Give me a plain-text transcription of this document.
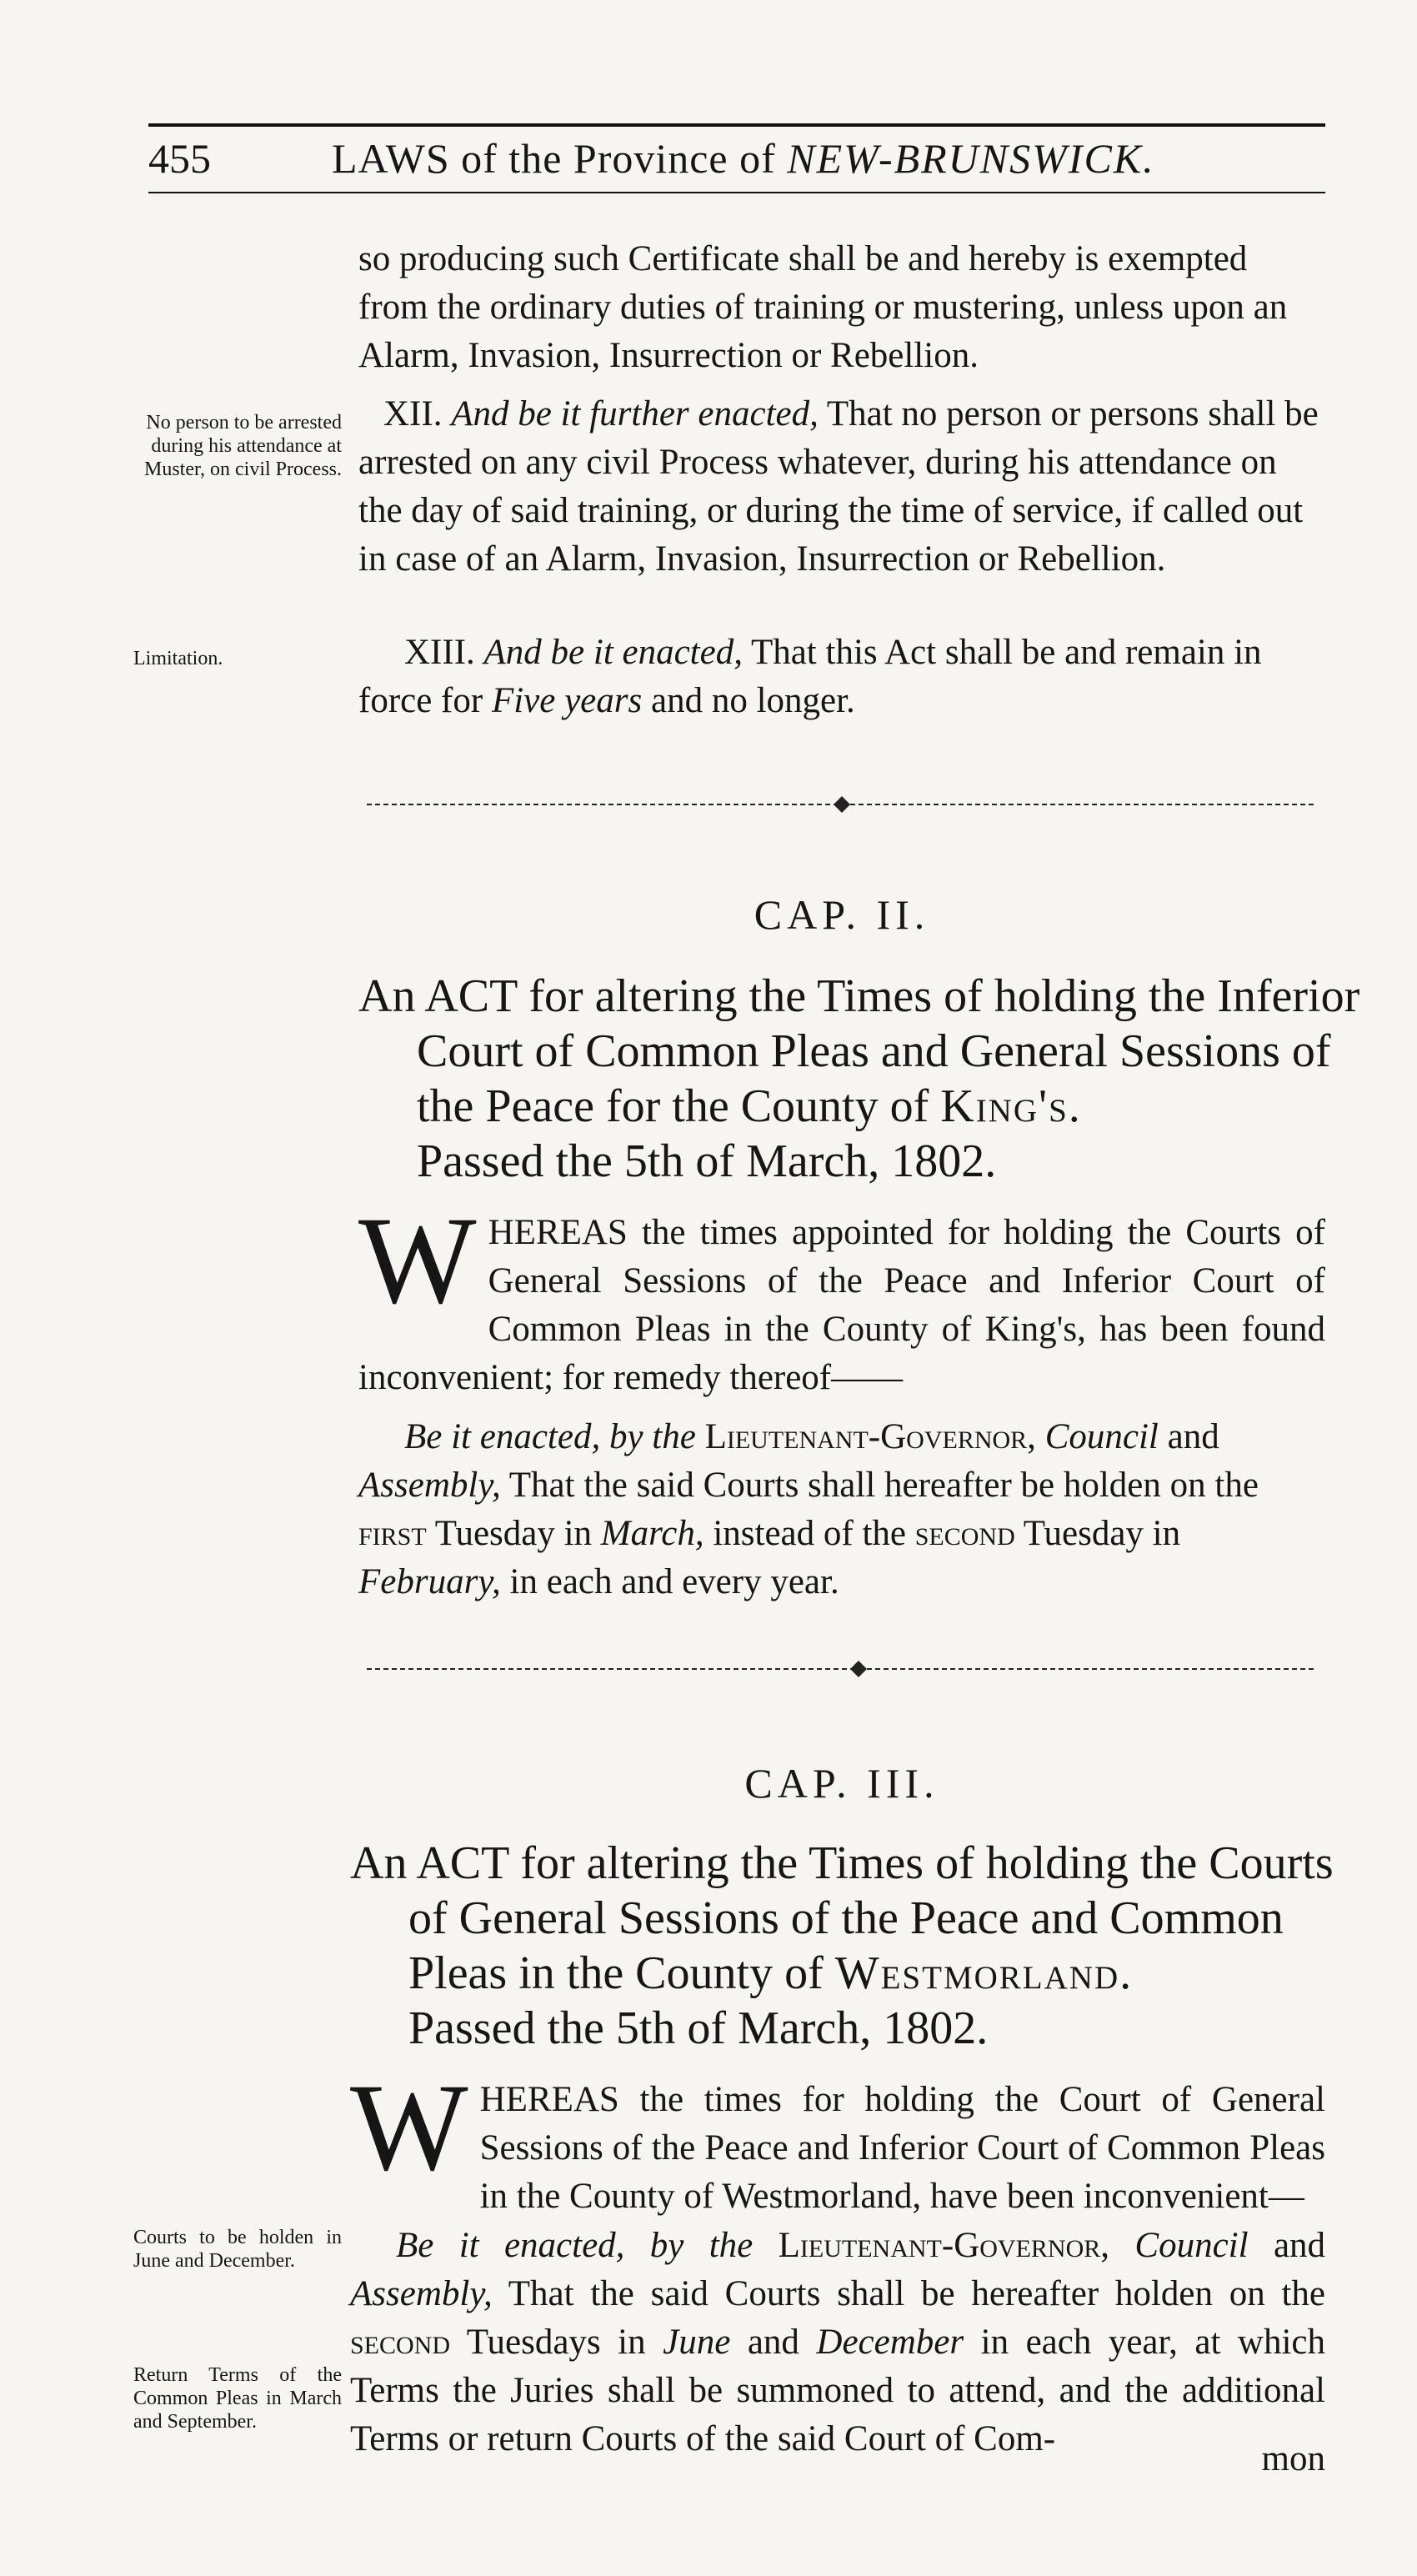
455	LAWS of the Province of NEW-BRUNSWICK.

so producing such Certificate shall be and hereby is exempted from the ordinary duties of training or mustering, unless upon an Alarm, Invasion, Insurrection or Rebellion.

No person to be arrested during his attendance at Muster, on civil Process.

XII. And be it further enacted, That no person or persons shall be arrested on any civil Process whatever, during his attendance on the day of said training, or during the time of service, if called out in case of an Alarm, Invasion, Insurrection or Rebellion.

Limitation.	XIII. And be it enacted, That this Act shall be and remain in force for Five years and no longer.

CAP. II.
An ACT for altering the Times of holding the Inferior Court of Common Pleas and General Sessions of the Peace for the County of King's.
Passed the 5th of March, 1802.

WHEREAS the times appointed for holding the Courts of General Sessions of the Peace and Inferior Court of Common Pleas in the County of King's, has been found inconvenient; for remedy thereof——

Be it enacted, by the Lieutenant-Governor, Council and Assembly, That the said Courts shall hereafter be holden on the first Tuesday in March, instead of the second Tuesday in February, in each and every year.

CAP. III.
An ACT for altering the Times of holding the Courts of General Sessions of the Peace and Common Pleas in the County of Westmorland.
Passed the 5th of March, 1802.

WHEREAS the times for holding the Court of General Sessions of the Peace and Inferior Court of Common Pleas in the County of Westmorland, have been inconvenient—

Courts to be holden in June and December.
Return Terms of the Common Pleas in March and September.

Be it enacted, by the Lieutenant-Governor, Council and Assembly, That the said Courts shall be hereafter holden on the second Tuesdays in June and December in each year, at which Terms the Juries shall be summoned to attend, and the additional Terms or return Courts of the said Court of Com-

mon
